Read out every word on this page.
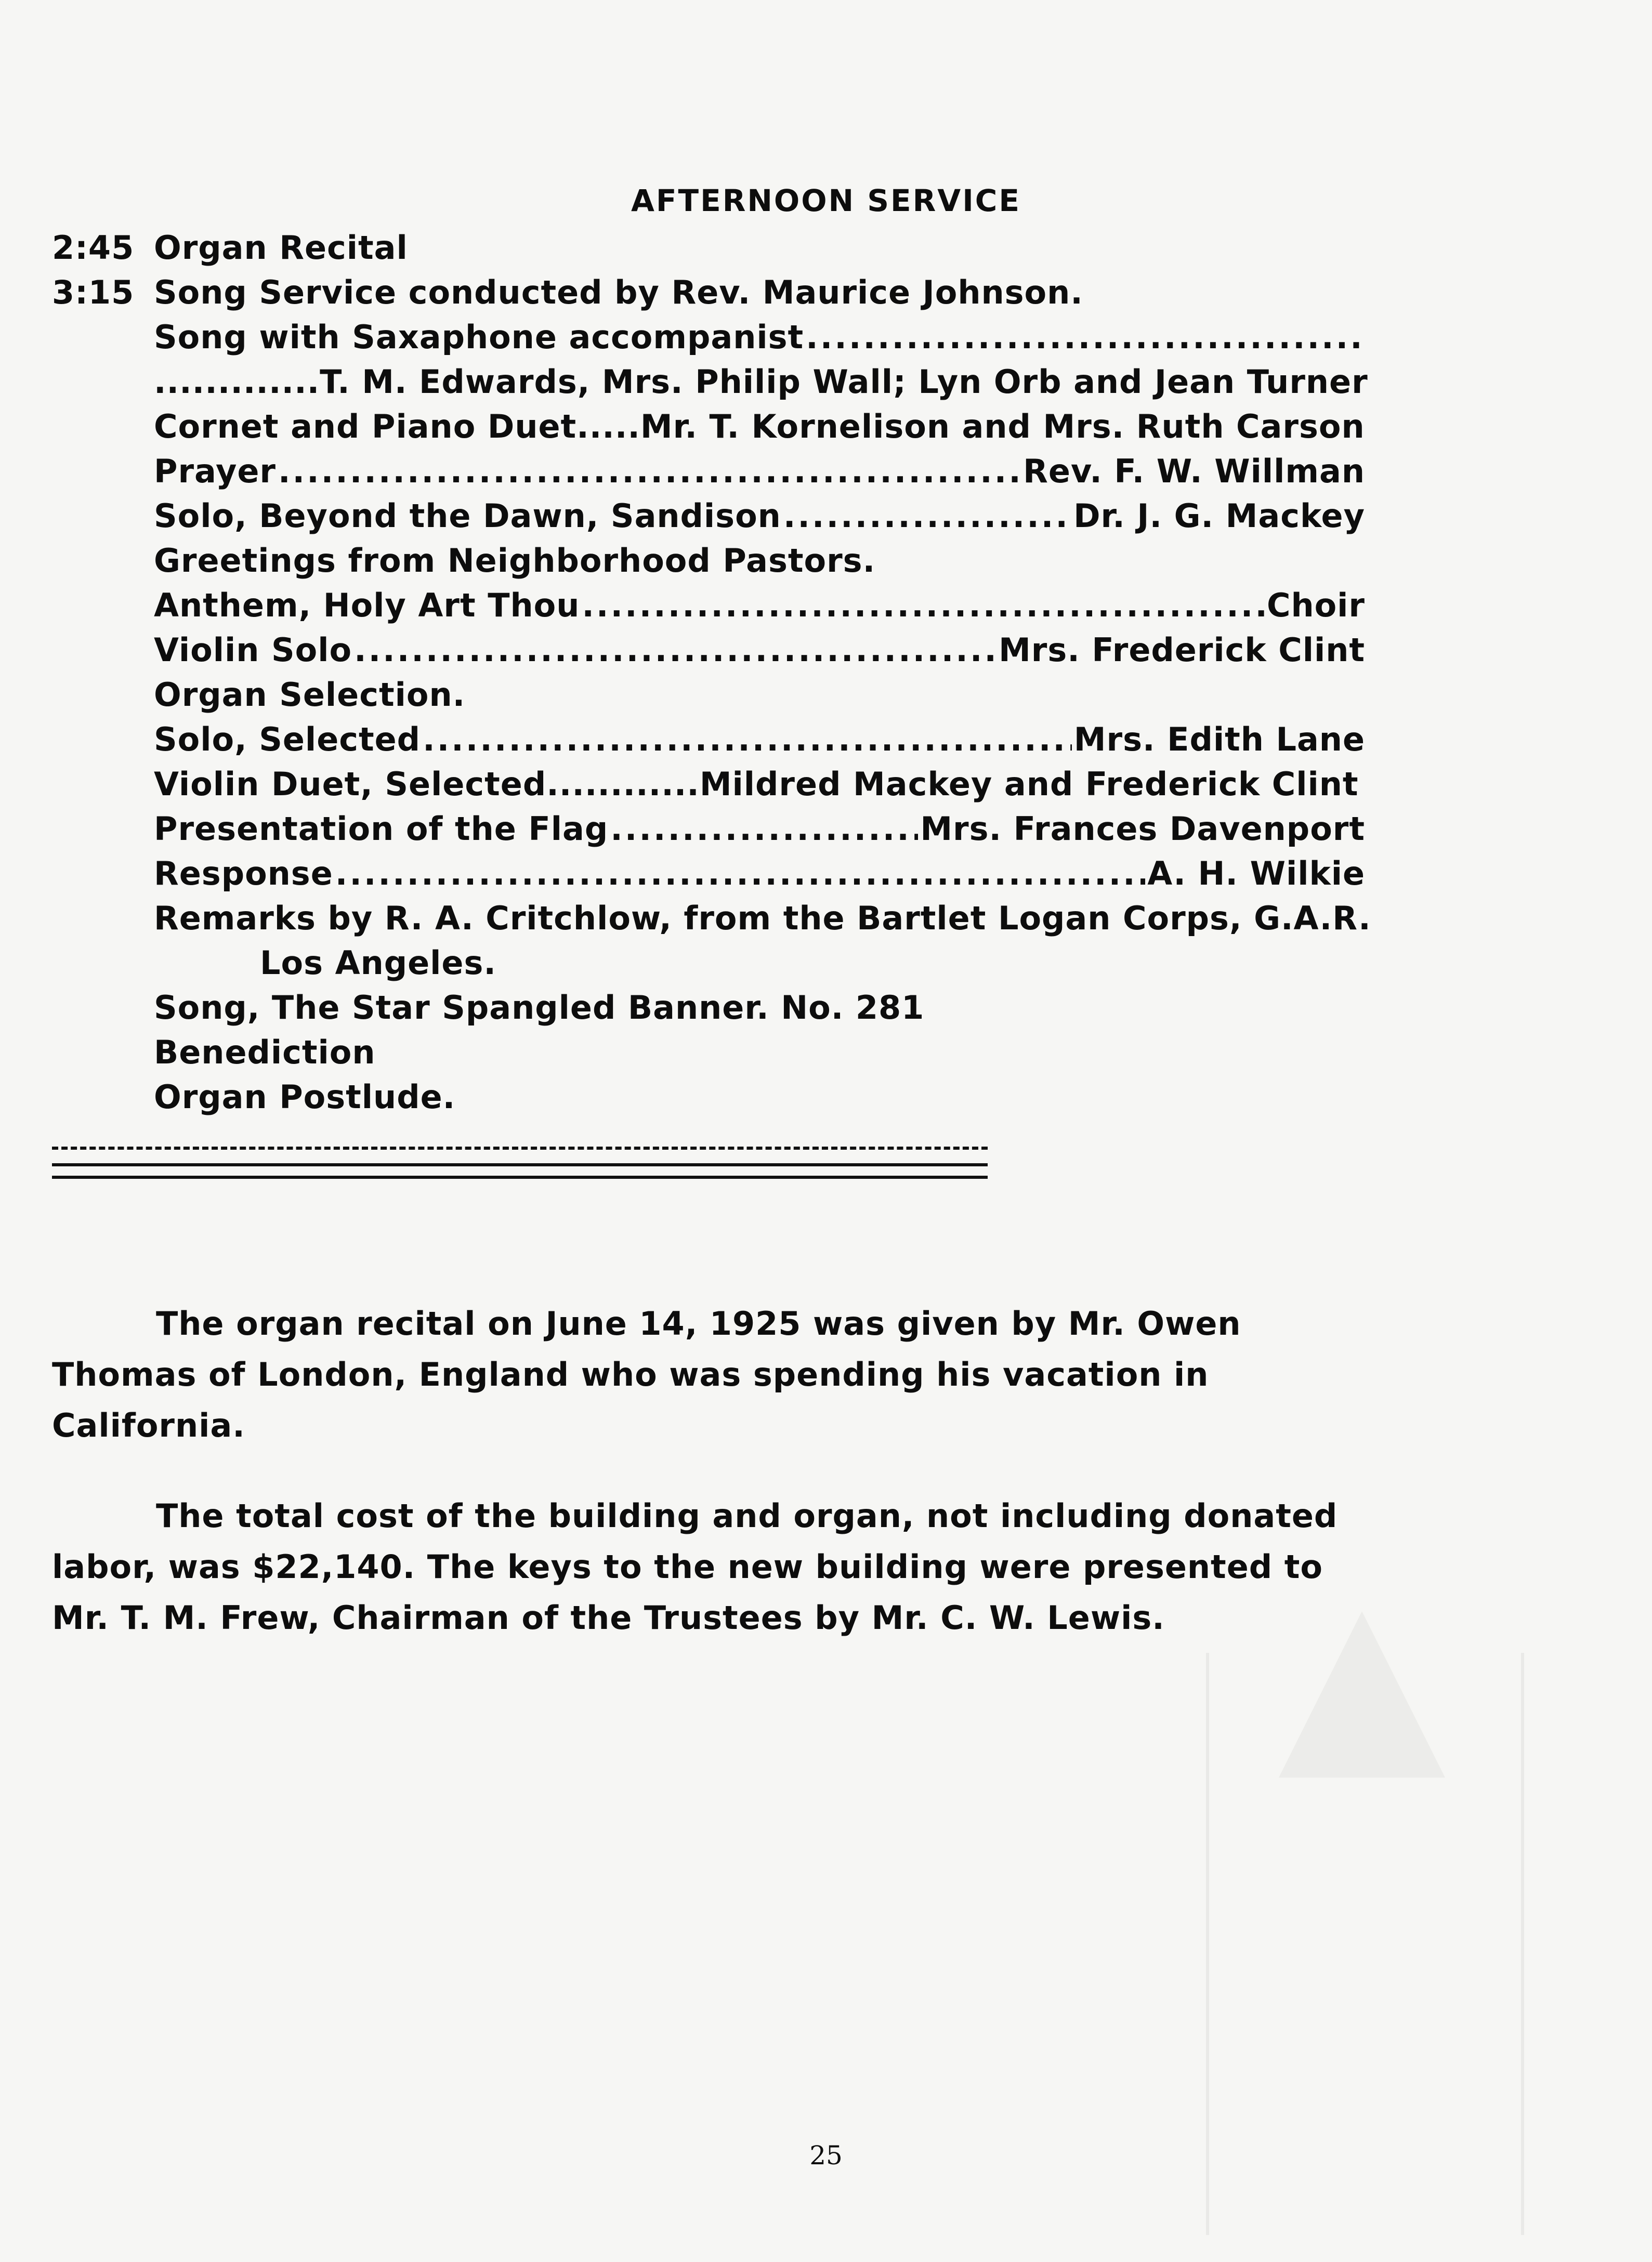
AFTERNOON SERVICE
2:45 Organ Recital
3:15 Song Service conducted by Rev. Maurice Johnson.
Song with Saxaphone accompanist
.....
.............T. M. Edwards, Mrs. Philip Wall; Lyn Orb and Jean Turner
Cornet and Piano Duet.....Mr. T. Kornelison and Mrs. Ruth Carson
Prayer .....	Rev. F. W. Willman
Solo, Beyond the Dawn, Sandison .....	Dr. J. G. Mackey
Greetings from Neighborhood Pastors.
Anthem, Holy Art Thou .....	Choir
Violin Solo .....	Mrs. Frederick Clint
Organ Selection.
Solo, Selected .....	Mrs. Edith Lane
Violin Duet, Selected............Mildred Mackey and Frederick Clint
Presentation of the Flag .....	Mrs. Frances Davenport
Response .....	A. H. Wilkie
Remarks by R. A. Critchlow, from the Bartlet Logan Corps, G.A.R.
Los Angeles.
Song, The Star Spangled Banner. No. 281
Benediction
Organ Postlude.
The organ recital on June 14, 1925 was given by Mr. Owen
Thomas of London, England who was spending his vacation in
California.
The total cost of the building and organ, not including donated
labor, was $22,140. The keys to the new building were presented to
Mr. T. M. Frew, Chairman of the Trustees by Mr. C. W. Lewis.
25
